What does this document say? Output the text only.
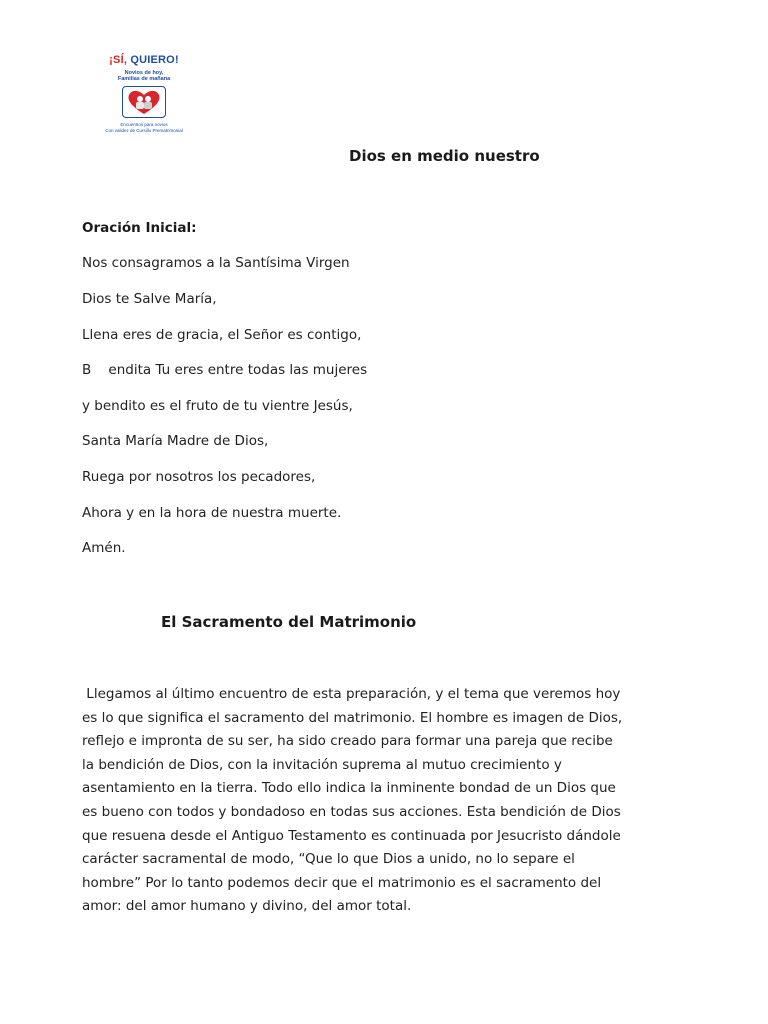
¡SÍ, QUIERO!
Novios de hoy,
Familias de mañana
Encuentros para novios
Con validez de Cursillo Prematrimonial
Dios en medio nuestro
Oración Inicial:
Nos consagramos a la Santísima Virgen
Dios te Salve María,
Llena eres de gracia, el Señor es contigo,
B    endita Tu eres entre todas las mujeres
y bendito es el fruto de tu vientre Jesús,
Santa María Madre de Dios,
Ruega por nosotros los pecadores,
Ahora y en la hora de nuestra muerte.
Amén.
El Sacramento del Matrimonio
Llegamos al último encuentro de esta preparación, y el tema que veremos hoy
es lo que significa el sacramento del matrimonio. El hombre es imagen de Dios,
reflejo e impronta de su ser, ha sido creado para formar una pareja que recibe
la bendición de Dios, con la invitación suprema al mutuo crecimiento y
asentamiento en la tierra. Todo ello indica la inminente bondad de un Dios que
es bueno con todos y bondadoso en todas sus acciones. Esta bendición de Dios
que resuena desde el Antiguo Testamento es continuada por Jesucristo dándole
carácter sacramental de modo, “Que lo que Dios a unido, no lo separe el
hombre” Por lo tanto podemos decir que el matrimonio es el sacramento del
amor: del amor humano y divino, del amor total.
